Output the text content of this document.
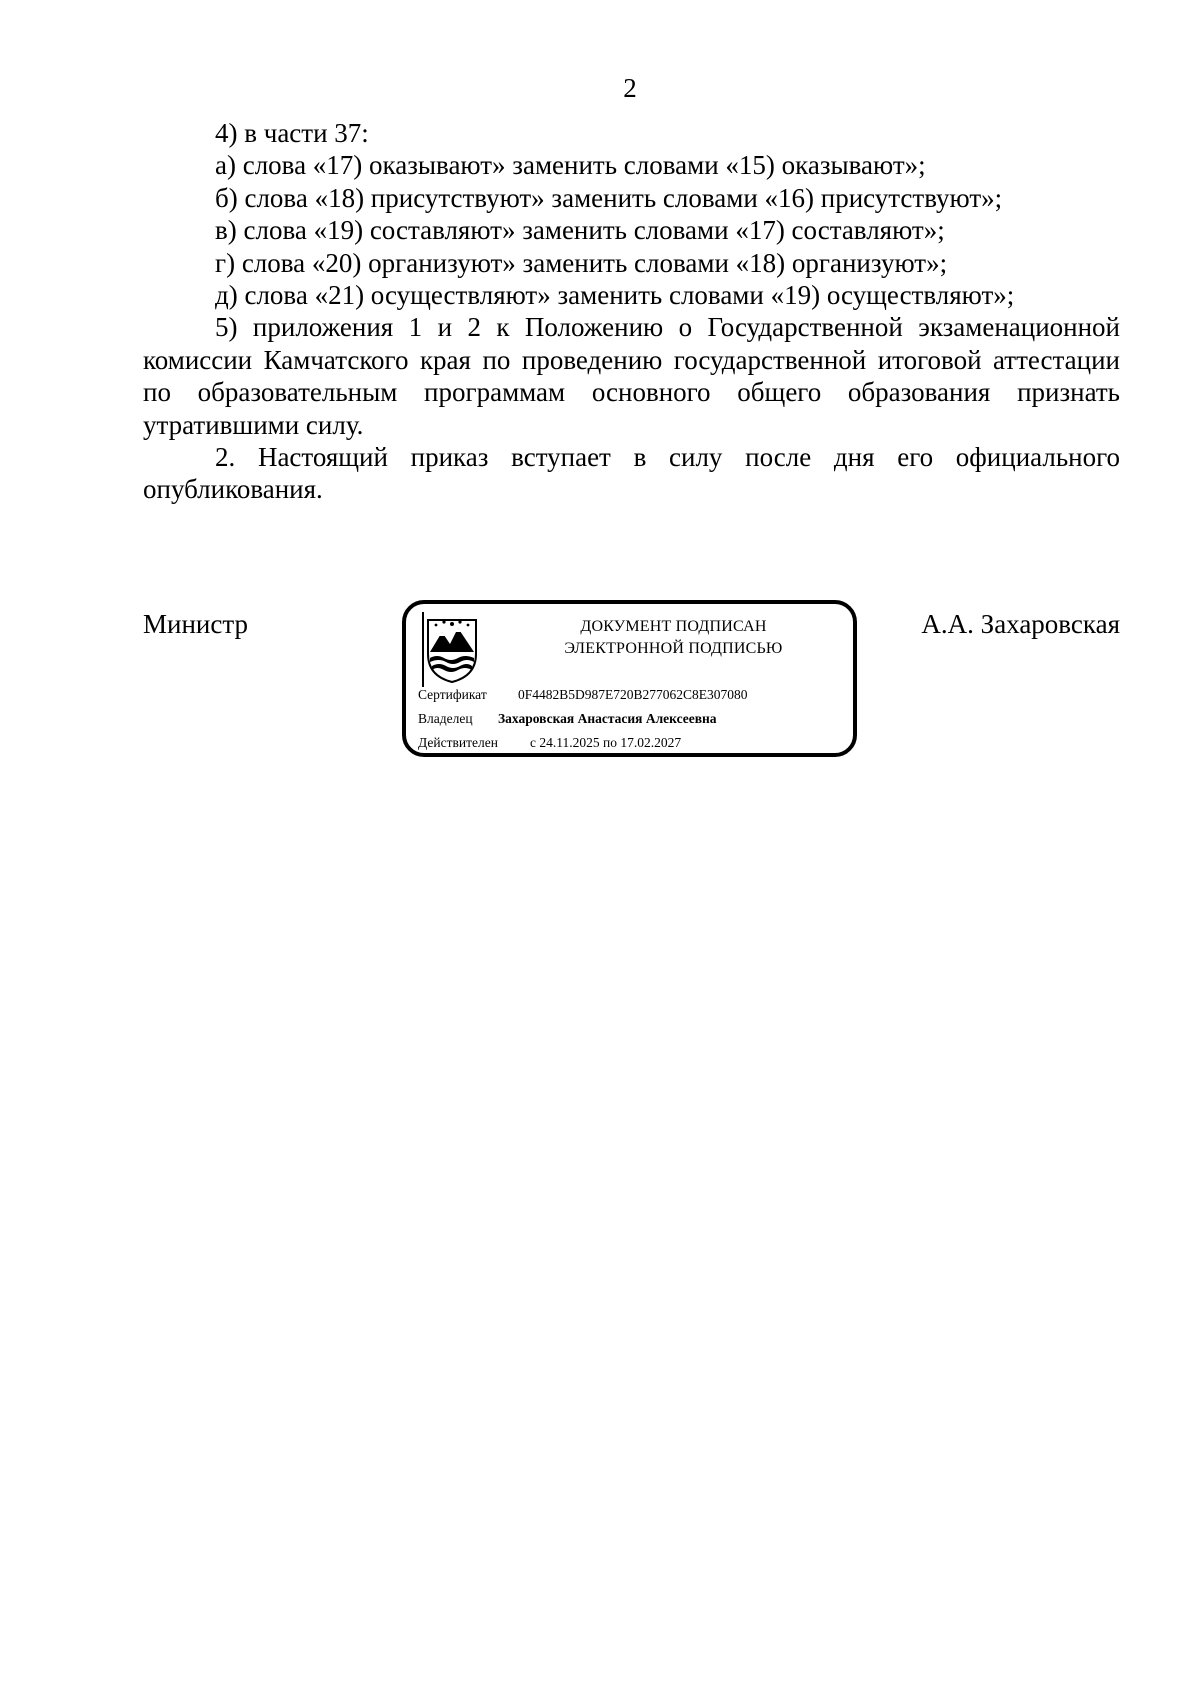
2

4) в части 37:

а) слова «17) оказывают» заменить словами «15) оказывают»;

б) слова «18) присутствуют» заменить словами «16) присутствуют»;

в) слова «19) составляют» заменить словами «17) составляют»;

г) слова «20) организуют» заменить словами «18) организуют»;

д) слова «21) осуществляют» заменить словами «19) осуществляют»;

5) приложения 1 и 2 к Положению о Государственной экзаменационной комиссии Камчатского края по проведению государственной итоговой аттестации по образовательным программам основного общего образования признать утратившими силу.

2. Настоящий приказ вступает в силу после дня его официального опубликования.

Министр	ДОКУМЕНТ ПОДПИСАН
ЭЛЕКТРОННОЙ ПОДПИСЬЮ
Сертификат 0F4482B5D987E720B277062C8E307080
Владелец Захаровская Анастасия Алексеевна
Действителен с 24.11.2025 по 17.02.2027
А.А. Захаровская
